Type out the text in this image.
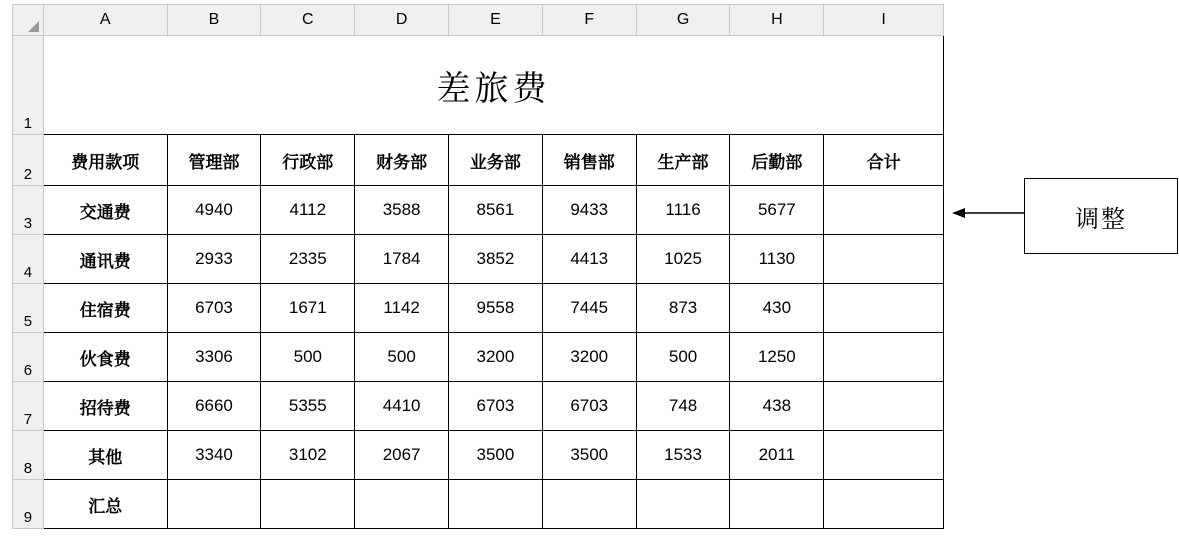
	A	B	C	D	E	F	G	H	I
1	差旅费								
2	费用款项	管理部	行政部	财务部	业务部	销售部	生产部	后勤部	合计
3	交通费	4940	4112	3588	8561	9433	1116	5677	
4	通讯费	2933	2335	1784	3852	4413	1025	1130	
5	住宿费	6703	1671	1142	9558	7445	873	430	
6	伙食费	3306	500	500	3200	3200	500	1250	
7	招待费	6660	5355	4410	6703	6703	748	438	
8	其他	3340	3102	2067	3500	3500	1533	2011	
9	汇总								
调整
